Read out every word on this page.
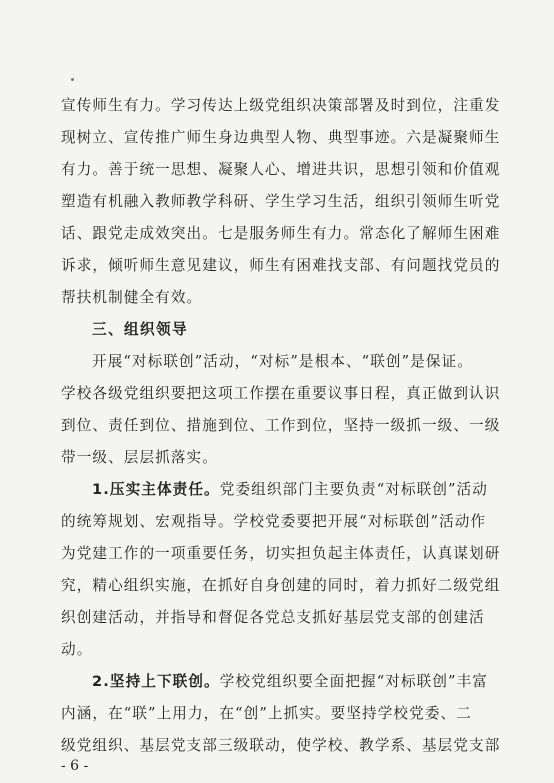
宣传师生有力。学习传达上级党组织决策部署及时到位，注重发
现树立、宣传推广师生身边典型人物、典型事迹。六是凝聚师生
有力。善于统一思想、凝聚人心、增进共识，思想引领和价值观
塑造有机融入教师教学科研、学生学习生活，组织引领师生听党
话、跟党走成效突出。七是服务师生有力。常态化了解师生困难
诉求，倾听师生意见建议，师生有困难找支部、有问题找党员的
帮扶机制健全有效。
三、组织领导
开展“对标联创”活动，“对标”是根本、“联创”是保证。
学校各级党组织要把这项工作摆在重要议事日程，真正做到认识
到位、责任到位、措施到位、工作到位，坚持一级抓一级、一级
带一级、层层抓落实。
1.压实主体责任。党委组织部门主要负责“对标联创”活动
的统筹规划、宏观指导。学校党委要把开展“对标联创”活动作
为党建工作的一项重要任务，切实担负起主体责任，认真谋划研
究，精心组织实施，在抓好自身创建的同时，着力抓好二级党组
织创建活动，并指导和督促各党总支抓好基层党支部的创建活
动。
2.坚持上下联创。学校党组织要全面把握“对标联创”丰富
内涵，在“联”上用力，在“创”上抓实。要坚持学校党委、二
级党组织、基层党支部三级联动，使学校、教学系、基层党支部
- 6 -
